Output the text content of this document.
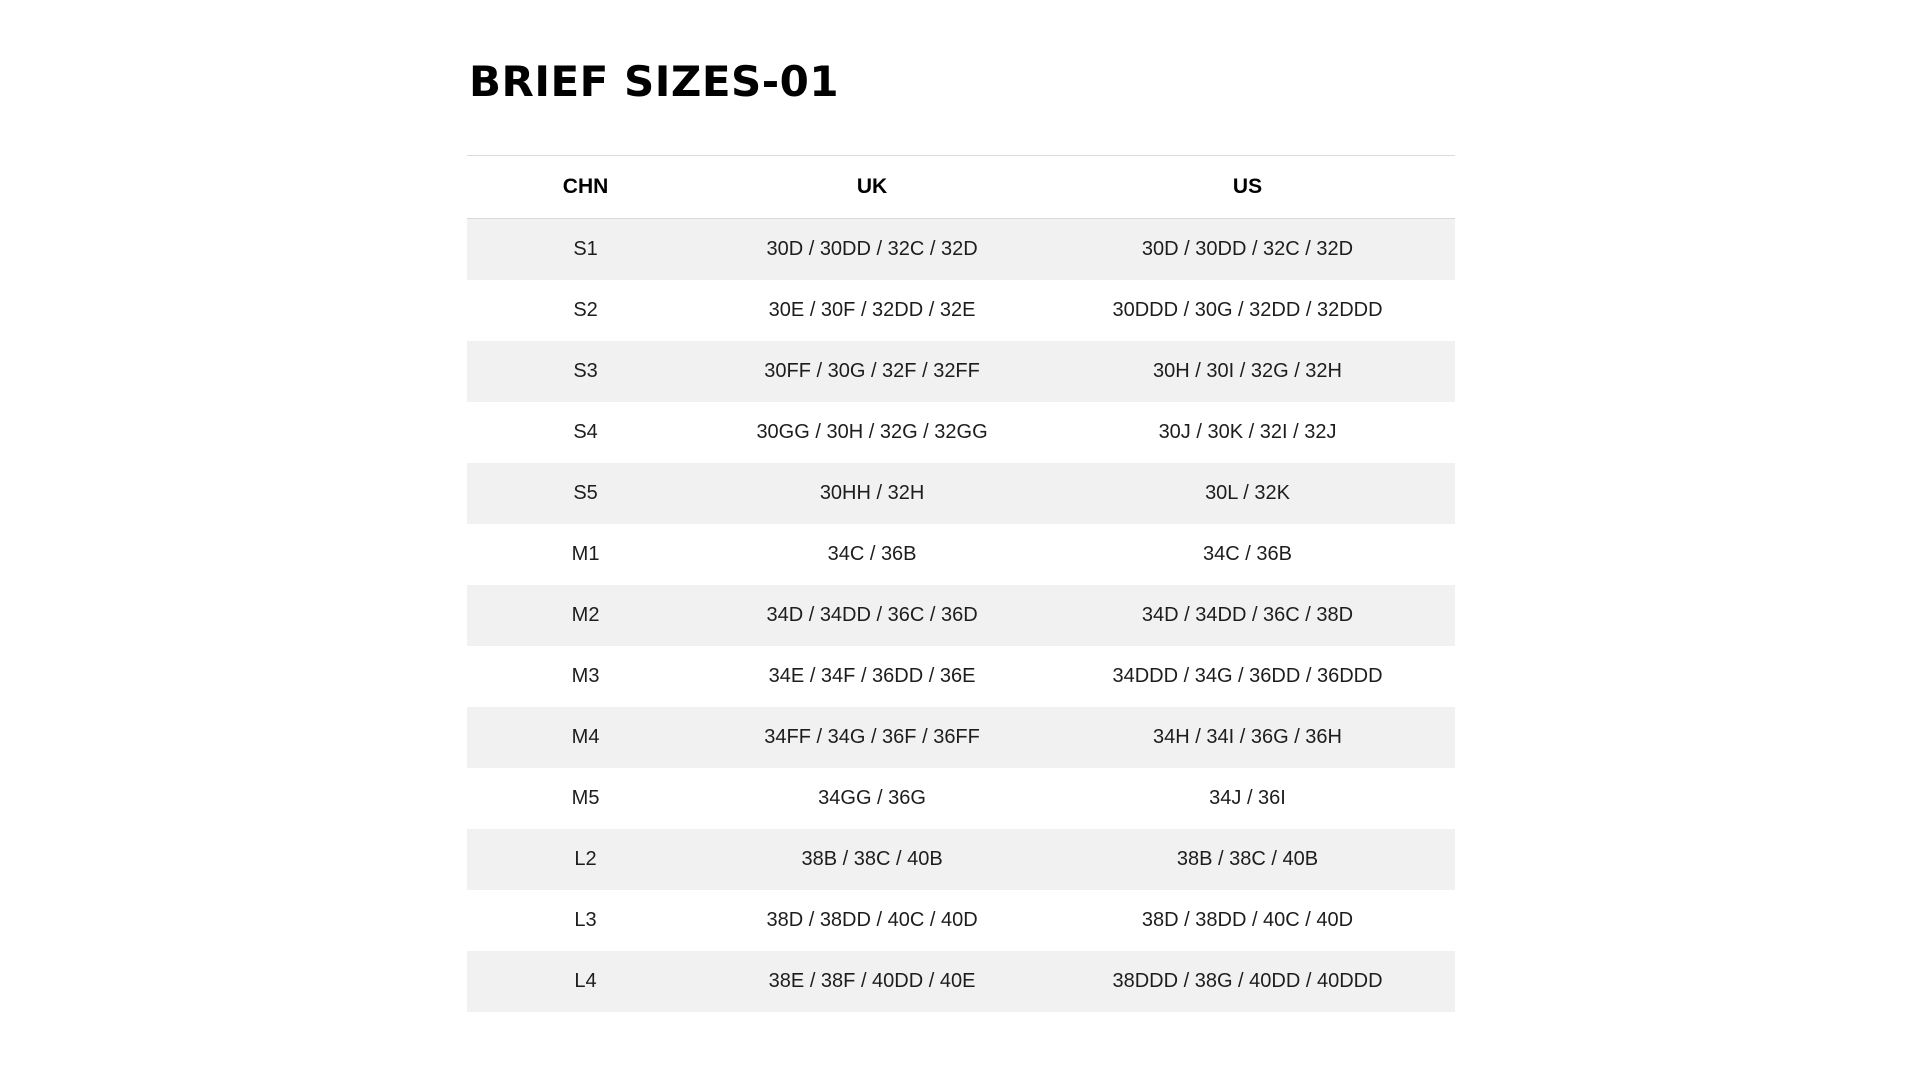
BRIEF SIZES-01
CHN	UK	US
S1	30D / 30DD / 32C / 32D	30D / 30DD / 32C / 32D
S2	30E / 30F / 32DD / 32E	30DDD / 30G / 32DD / 32DDD
S3	30FF / 30G / 32F / 32FF	30H / 30I / 32G / 32H
S4	30GG / 30H / 32G / 32GG	30J / 30K / 32I / 32J
S5	30HH / 32H	30L / 32K
M1	34C / 36B	34C / 36B
M2	34D / 34DD / 36C / 36D	34D / 34DD / 36C / 38D
M3	34E / 34F / 36DD / 36E	34DDD / 34G / 36DD / 36DDD
M4	34FF / 34G / 36F / 36FF	34H / 34I / 36G / 36H
M5	34GG / 36G	34J / 36I
L2	38B / 38C / 40B	38B / 38C / 40B
L3	38D / 38DD / 40C / 40D	38D / 38DD / 40C / 40D
L4	38E / 38F / 40DD / 40E	38DDD / 38G / 40DD / 40DDD
